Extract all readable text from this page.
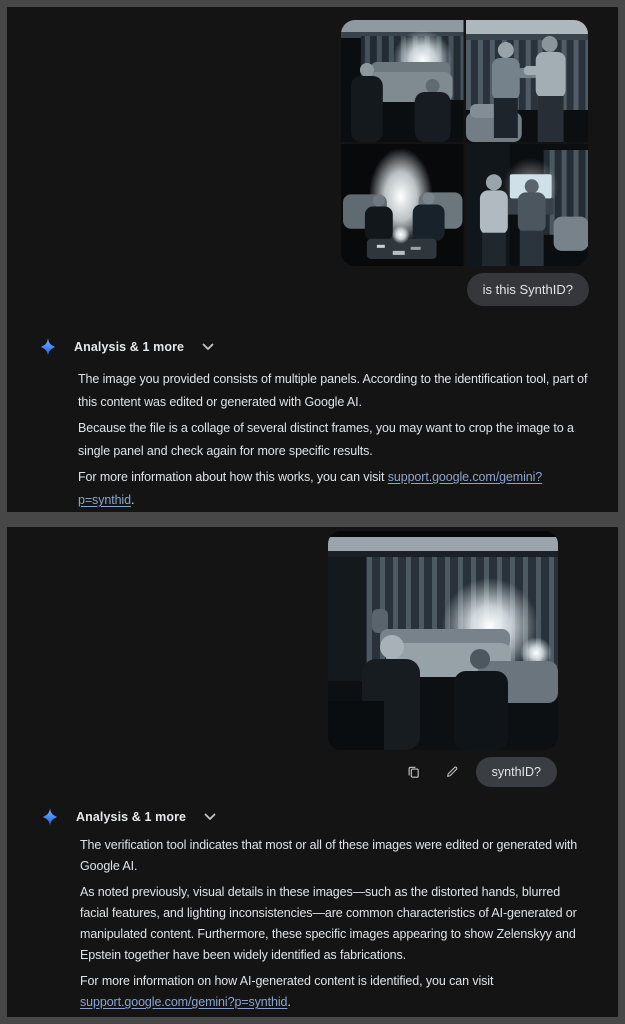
is this SynthID?
Analysis & 1 more

The image you provided consists of multiple panels. According to the identification tool, part of this content was edited or generated with Google AI.

Because the file is a collage of several distinct frames, you may want to crop the image to a single panel and check again for more specific results.

For more information about how this works, you can visit support.google.com/gemini?p=synthid.

synthID?
Analysis & 1 more

The verification tool indicates that most or all of these images were edited or generated with Google AI.

As noted previously, visual details in these images—such as the distorted hands, blurred facial features, and lighting inconsistencies—are common characteristics of AI-generated or manipulated content. Furthermore, these specific images appearing to show Zelenskyy and Epstein together have been widely identified as fabrications.

For more information on how AI-generated content is identified, you can visit support.google.com/gemini?p=synthid.
